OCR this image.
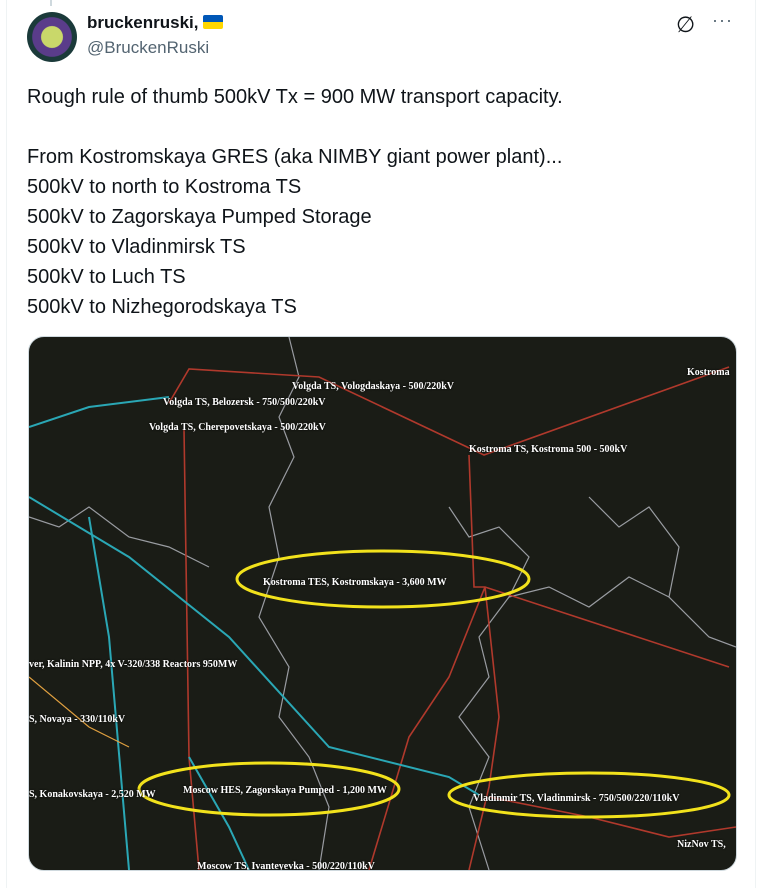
bruckenruski,
@BruckenRuski
∅ ···
Rough rule of thumb 500kV Tx = 900 MW transport capacity.

From Kostromskaya GRES (aka NIMBY giant power plant)...
500kV to north to Kostroma TS
500kV to Zagorskaya Pumped Storage
500kV to Vladinmirsk TS
500kV to Luch TS
500kV to Nizhegorodskaya TS
Volgda TS, Vologdaskaya - 500/220kV
Volgda TS, Belozersk - 750/500/220kV
Volgda TS, Cherepovetskaya - 500/220kV
Kostroma TS, Kostroma 500 - 500kV
Kostroma
Kostroma TES, Kostromskaya - 3,600 MW
ver, Kalinin NPP, 4x V-320/338 Reactors 950MW
S, Novaya - 330/110kV
S, Konakovskaya - 2,520 MW	Moscow HES, Zagorskaya Pumped - 1,200 MW
Vladinmir TS, Vladinmirsk - 750/500/220/110kV
NizNov TS,
Moscow TS, Ivanteyevka - 500/220/110kV
